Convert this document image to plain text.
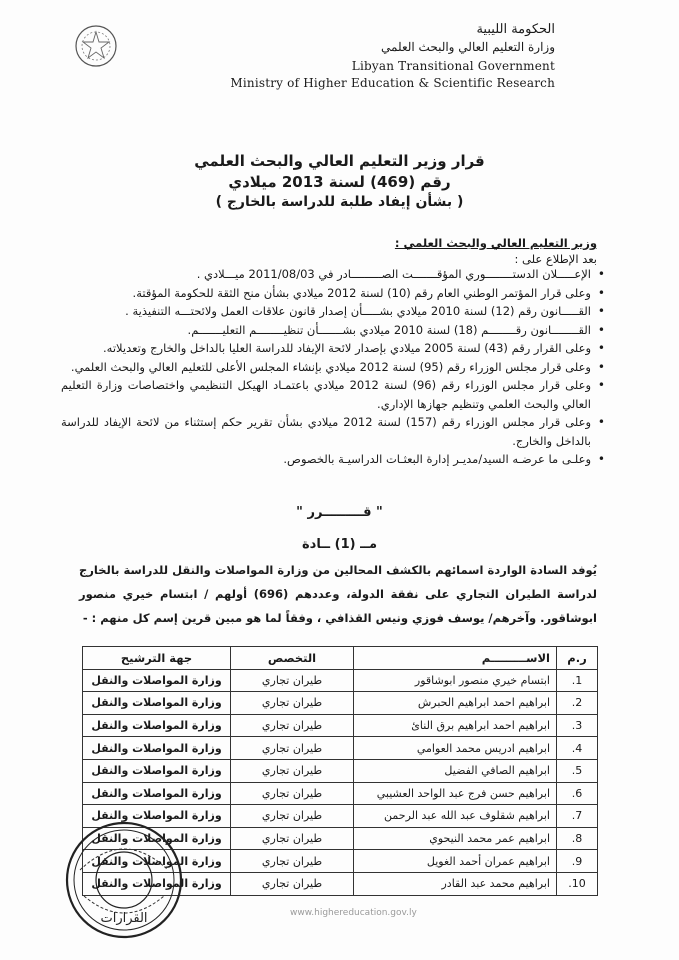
الحكومة الليبية
وزارة التعليم العالي والبحث العلمي
Libyan Transitional Government
Ministry of Higher Education & Scientific Research
قرار وزير التعليم العالي والبحث العلمي
رقم (469) لسنة 2013 ميلادي
( بشأن إيفاد طلبة للدراسة بالخارج )
وزير التعليم العالي والبحث العلمي :
بعد الإطلاع على :
• الإعـــــلان الدستــــــــوري المؤقـــــــت الصـــــــــادر في 2011/08/03 ميـــلادي .
• وعلى قرار المؤتمر الوطني العام رقم (10) لسنة 2012 ميلادي بشأن منح الثقة للحكومة المؤقتة.
• القـــــانون رقم (12) لسنة 2010 ميلادي بشـــــأن إصدار قانون علاقات العمل ولائحتـــه التنفيذية .
• القــــــــانون رقــــــــم (18) لسنة 2010 ميلادي بشـــــــأن تنظيــــــــم التعليـــــــم.
• وعلى القرار رقم (43) لسنة 2005 ميلادي بإصدار لائحة الإيفاد للدراسة العليا بالداخل والخارج وتعديلاته.
• وعلى قرار مجلس الوزراء رقم (95) لسنة 2012 ميلادي بإنشاء المجلس الأعلى للتعليم العالي والبحث العلمي.
• وعلى قرار مجلس الوزراء رقم (96) لسنة 2012 ميلادي باعتمـاد الهيكل التنظيمي واختصاصات وزارة التعليم العالي والبحث العلمي وتنظيم جهازها الإداري.
• وعلى قرار مجلس الوزراء رقم (157) لسنة 2012 ميلادي بشأن تقرير حكم إستثناء من لائحة الإيفاد للدراسة بالداخل والخارج.
• وعلـى ما عرضـه السيد/مديـر إدارة البعثـات الدراسيـة بالخصوص.
" قـــــــــرر "
مــ (1) ــادة
يُوفد السادة الواردة اسمائهم بالكشف المحالين من وزارة المواصلات والنقل للدراسة بالخارج لدراسة الطيران التجاري على نفقة الدولة، وعددهم (696) أولهم / ابتسام خيري منصور ابوشاقور. وآخرهم/ يوسف فوزي ونيس القذافي ، وفقاً لما هو مبين قرين إسم كل منهم : -
ر.م	الاســـــــــم	التخصص	جهة الترشيح
1.	ابتسام خيري منصور ابوشاقور	طيران تجاري	وزارة المواصلات والنقل
2.	ابراهيم احمد ابراهيم الحبرش	طيران تجاري	وزارة المواصلات والنقل
3.	ابراهيم احمد ابراهيم برق النائ	طيران تجاري	وزارة المواصلات والنقل
4.	ابراهيم ادريس محمد العوامي	طيران تجاري	وزارة المواصلات والنقل
5.	ابراهيم الصافي الفضيل	طيران تجاري	وزارة المواصلات والنقل
6.	ابراهيم حسن فرج عبد الواحد العشيبي	طيران تجاري	وزارة المواصلات والنقل
7.	ابراهيم شقلوف عبد الله عبد الرحمن	طيران تجاري	وزارة المواصلات والنقل
8.	ابراهيم عمر محمد النيحوي	طيران تجاري	وزارة المواصلات والنقل
9.	ابراهيم عمران أحمد الغويل	طيران تجاري	وزارة المواصلات والنقل
10.	ابراهيم محمد عبد القادر	طيران تجاري	وزارة المواصلات والنقل
القرارات	www.highereducation.gov.ly
